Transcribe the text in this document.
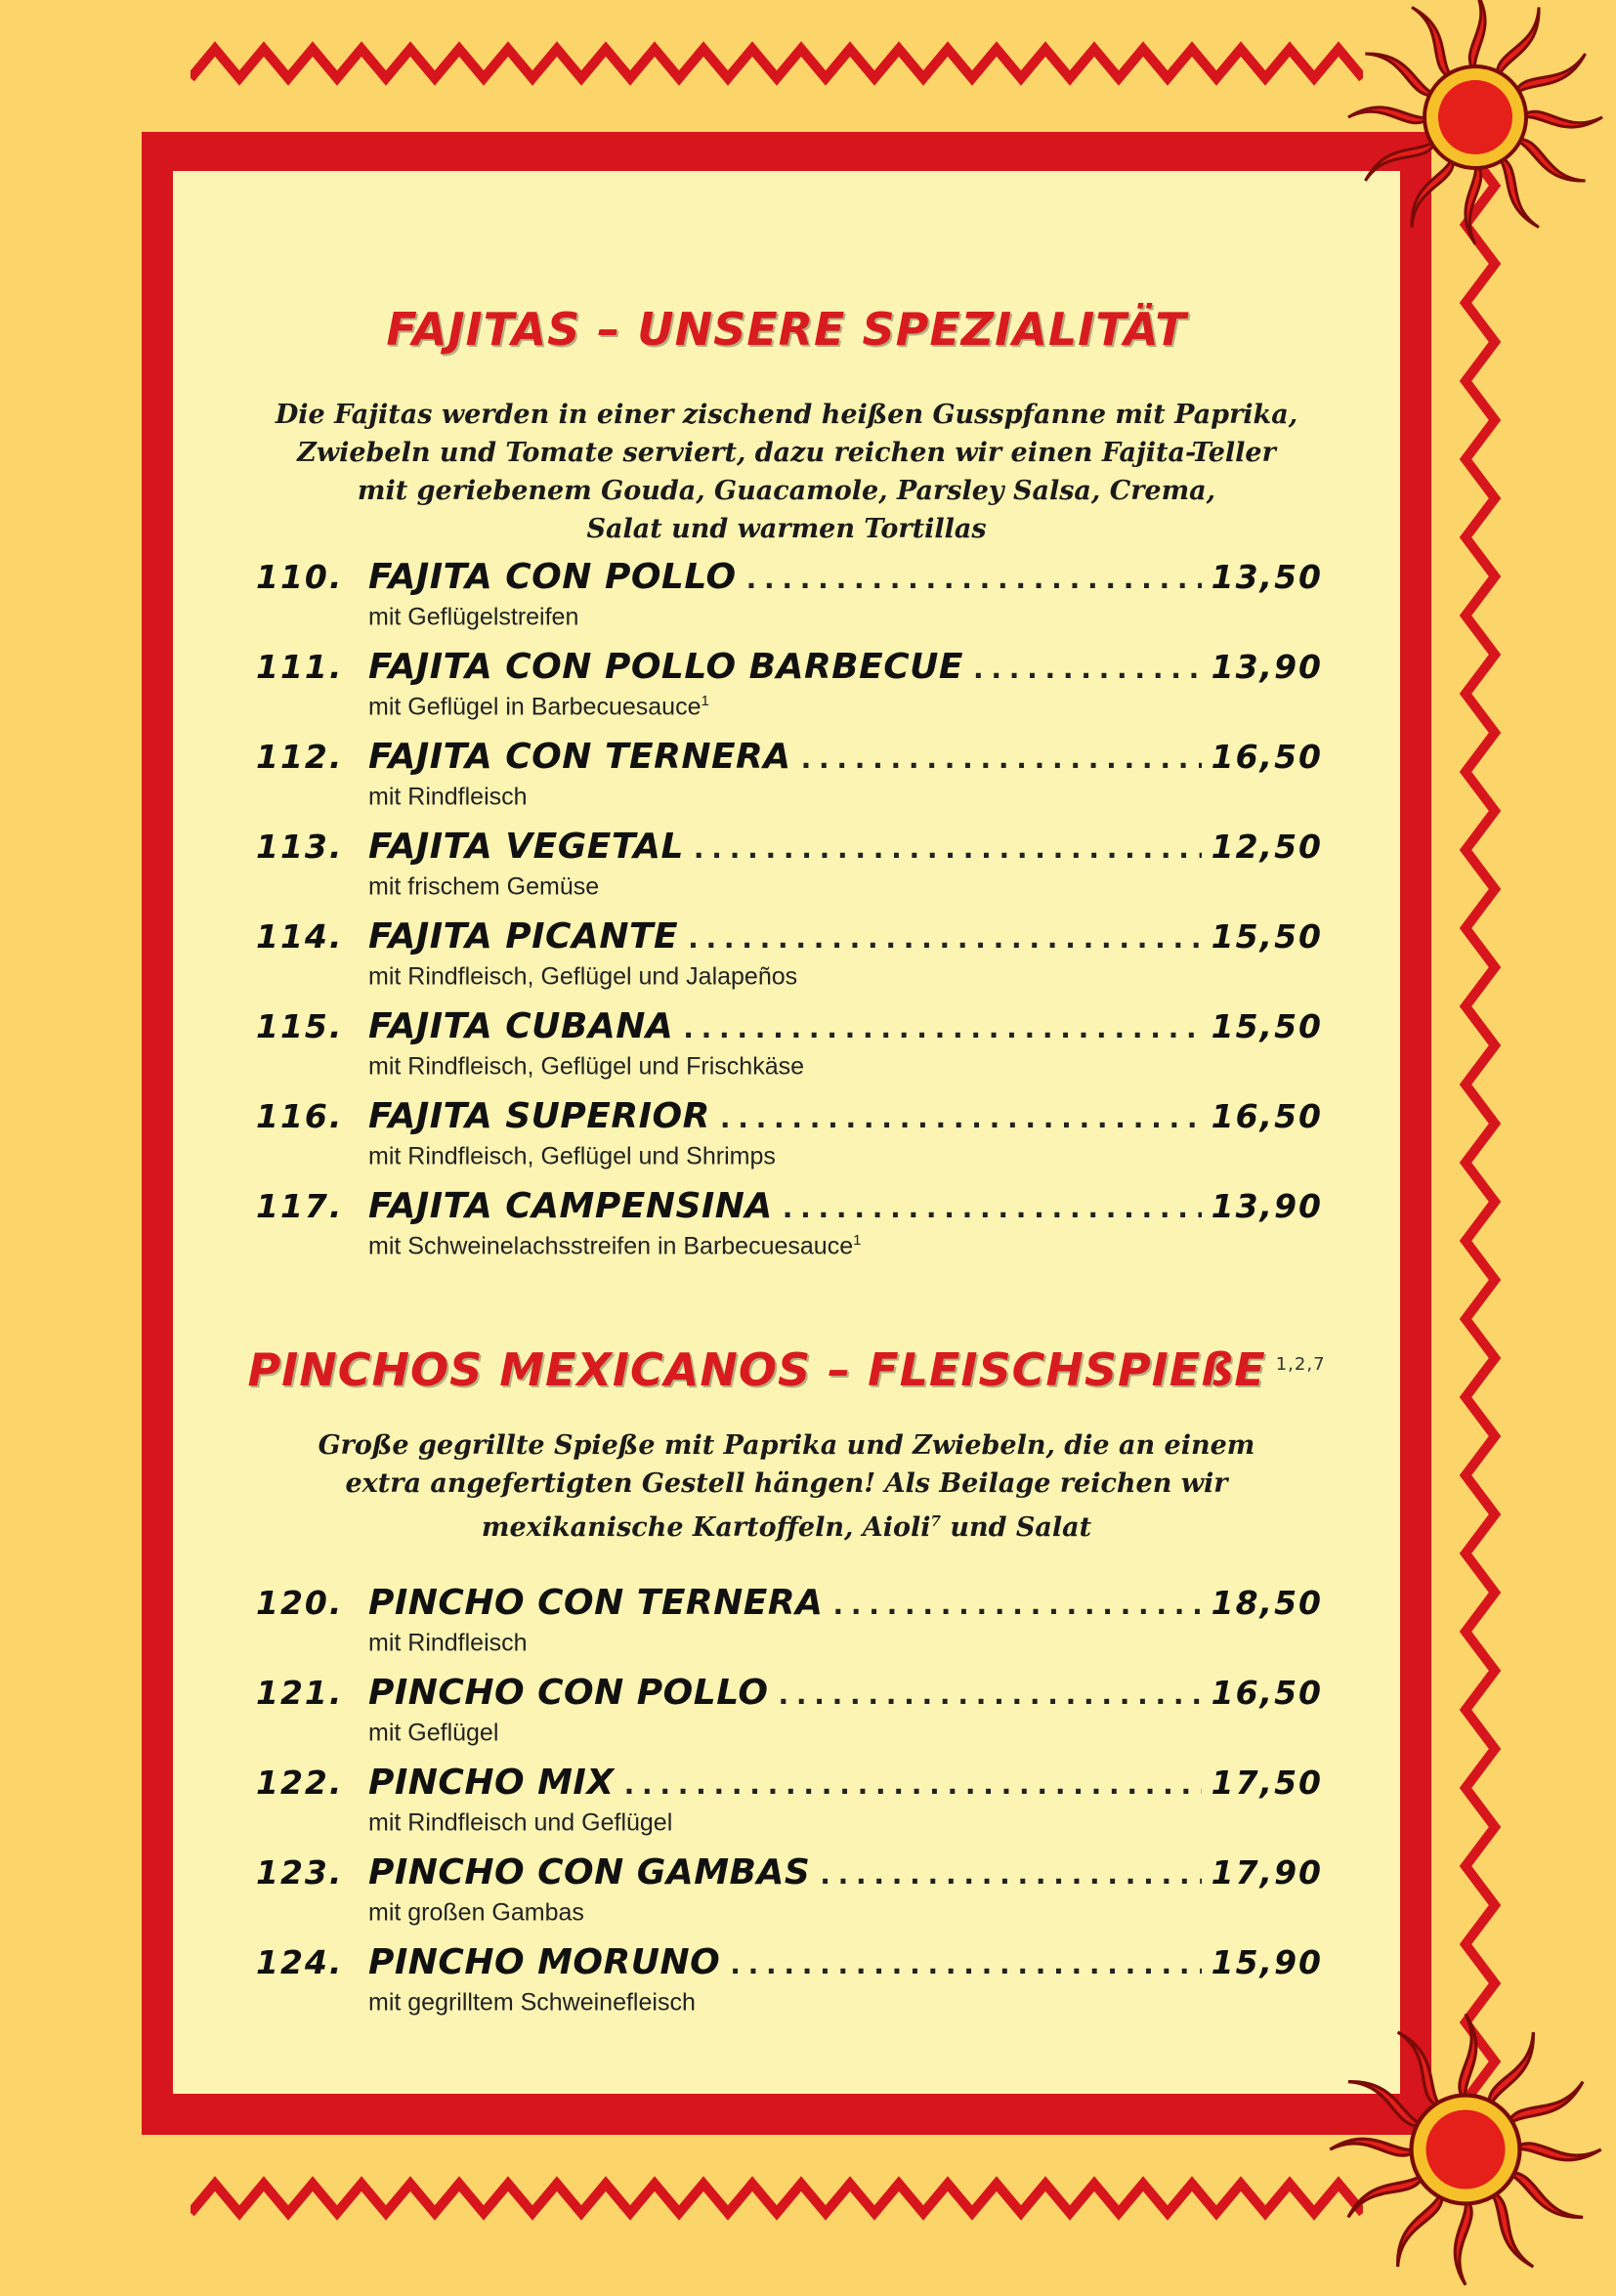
FAJITAS – UNSERE SPEZIALITÄT
Die Fajitas werden in einer zischend heißen Gusspfanne mit Paprika,
Zwiebeln und Tomate serviert, dazu reichen wir einen Fajita-Teller
mit geriebenem Gouda, Guacamole, Parsley Salsa, Crema,
Salat und warmen Tortillas
110. FAJITA CON POLLO . . .	13,50
mit Geflügelstreifen
111. FAJITA CON POLLO BARBECUE . . .	13,90
mit Geflügel in Barbecuesauce$^1$
112. FAJITA CON TERNERA . . .	16,50
mit Rindfleisch
113. FAJITA VEGETAL . . .	12,50
mit frischem Gemüse
114. FAJITA PICANTE . . .	15,50
mit Rindfleisch, Geflügel und Jalapeños
115. FAJITA CUBANA . . .	15,50
mit Rindfleisch, Geflügel und Frischkäse
116. FAJITA SUPERIOR . . .	16,50
mit Rindfleisch, Geflügel und Shrimps
117. FAJITA CAMPENSINA . . .	13,90
mit Schweinelachsstreifen in Barbecuesauce$^1$
PINCHOS MEXICANOS – FLEISCHSPIEßE $^{1,2,7}$
Große gegrillte Spieße mit Paprika und Zwiebeln, die an einem
extra angefertigten Gestell hängen! Als Beilage reichen wir
mexikanische Kartoffeln, Aioli$^7$ und Salat
120. PINCHO CON TERNERA . . .	18,50
mit Rindfleisch
121. PINCHO CON POLLO . . .	16,50
mit Geflügel
122. PINCHO MIX . . .	17,50
mit Rindfleisch und Geflügel
123. PINCHO CON GAMBAS . . .	17,90
mit großen Gambas
124. PINCHO MORUNO . . .	15,90
mit gegrilltem Schweinefleisch
